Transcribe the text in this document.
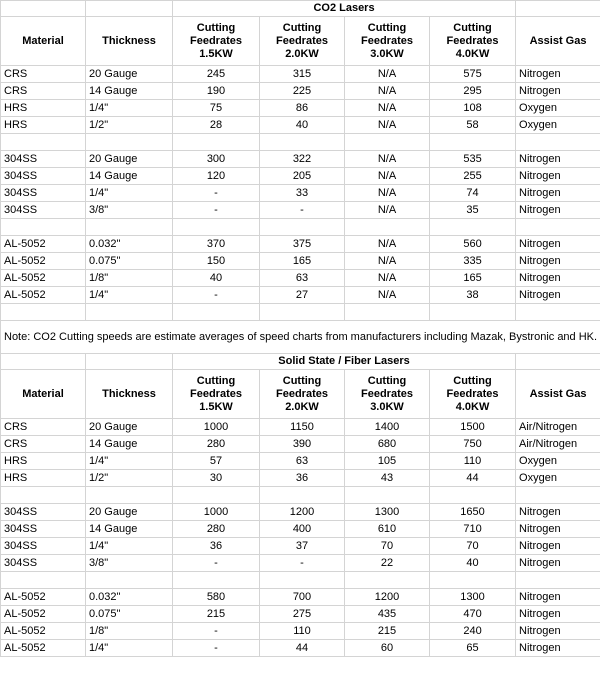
		CO2 Lasers				
Material	Thickness	Cutting Feedrates 1.5KW	Cutting Feedrates 2.0KW	Cutting Feedrates 3.0KW	Cutting Feedrates 4.0KW	Assist Gas
CRS	20 Gauge	245	315	N/A	575	Nitrogen
CRS	14 Gauge	190	225	N/A	295	Nitrogen
HRS	1/4"	75	86	N/A	108	Oxygen
HRS	1/2"	28	40	N/A	58	Oxygen

304SS	20 Gauge	300	322	N/A	535	Nitrogen
304SS	14 Gauge	120	205	N/A	255	Nitrogen
304SS	1/4"	-	33	N/A	74	Nitrogen
304SS	3/8"	-	-	N/A	35	Nitrogen

AL-5052	0.032"	370	375	N/A	560	Nitrogen
AL-5052	0.075"	150	165	N/A	335	Nitrogen
AL-5052	1/8"	40	63	N/A	165	Nitrogen
AL-5052	1/4"	-	27	N/A	38	Nitrogen

Note: CO2 Cutting speeds are estimate averages of speed charts from manufacturers including Mazak, Bystronic and HK.						
		Solid State / Fiber Lasers				
Material	Thickness	Cutting Feedrates 1.5KW	Cutting Feedrates 2.0KW	Cutting Feedrates 3.0KW	Cutting Feedrates 4.0KW	Assist Gas
CRS	20 Gauge	1000	1150	1400	1500	Air/Nitrogen
CRS	14 Gauge	280	390	680	750	Air/Nitrogen
HRS	1/4"	57	63	105	110	Oxygen
HRS	1/2"	30	36	43	44	Oxygen

304SS	20 Gauge	1000	1200	1300	1650	Nitrogen
304SS	14 Gauge	280	400	610	710	Nitrogen
304SS	1/4"	36	37	70	70	Nitrogen
304SS	3/8"	-	-	22	40	Nitrogen

AL-5052	0.032"	580	700	1200	1300	Nitrogen
AL-5052	0.075"	215	275	435	470	Nitrogen
AL-5052	1/8"	-	110	215	240	Nitrogen
AL-5052	1/4"	-	44	60	65	Nitrogen
